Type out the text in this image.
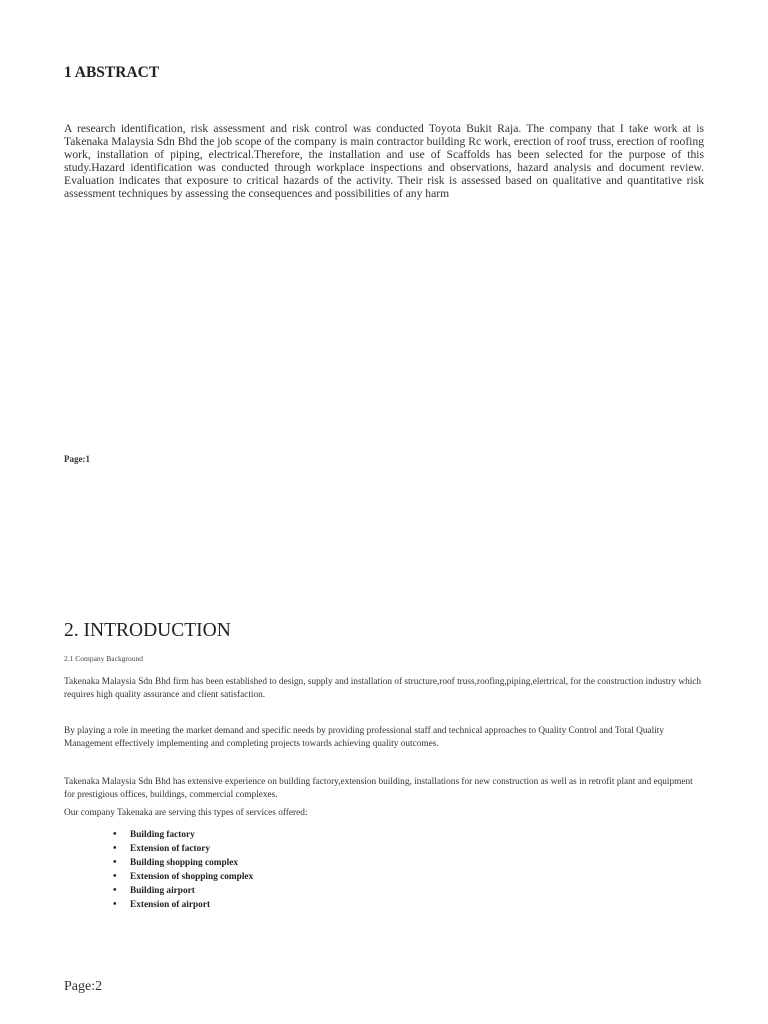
1 ABSTRACT
A research identification, risk assessment and risk control was conducted Toyota Bukit Raja. The company that I take work at is Takenaka Malaysia Sdn Bhd the job scope of the company is main contractor building Rc work, erection of roof truss, erection of roofing work, installation of piping, electrical.Therefore, the installation and use of Scaffolds has been selected for the purpose of this study.Hazard identification was conducted through workplace inspections and observations, hazard analysis and document review. Evaluation indicates that exposure to critical hazards of the activity. Their risk is assessed based on qualitative and quantitative risk assessment techniques by assessing the consequences and possibilities of any harm
Page:1
2. INTRODUCTION
2.1 Company Background
Takenaka Malaysia Sdn Bhd firm has been established to design, supply and installation of structure,roof truss,roofing,piping,elertrical, for the construction industry which requires high quality assurance and client satisfaction.
By playing a role in meeting the market demand and specific needs by providing professional staff and technical approaches to Quality Control and Total Quality Management effectively implementing and completing projects towards achieving quality outcomes.
Takenaka Malaysia Sdn Bhd has extensive experience on building factory,extension building, installations for new construction as well as in retrofit plant and equipment for prestigious offices, buildings, commercial complexes.
Our company Takenaka are serving this types of services offered:
• Building factory
• Extension of factory
• Building shopping complex
• Extension of shopping complex
• Building airport
• Extension of airport
Page:2
